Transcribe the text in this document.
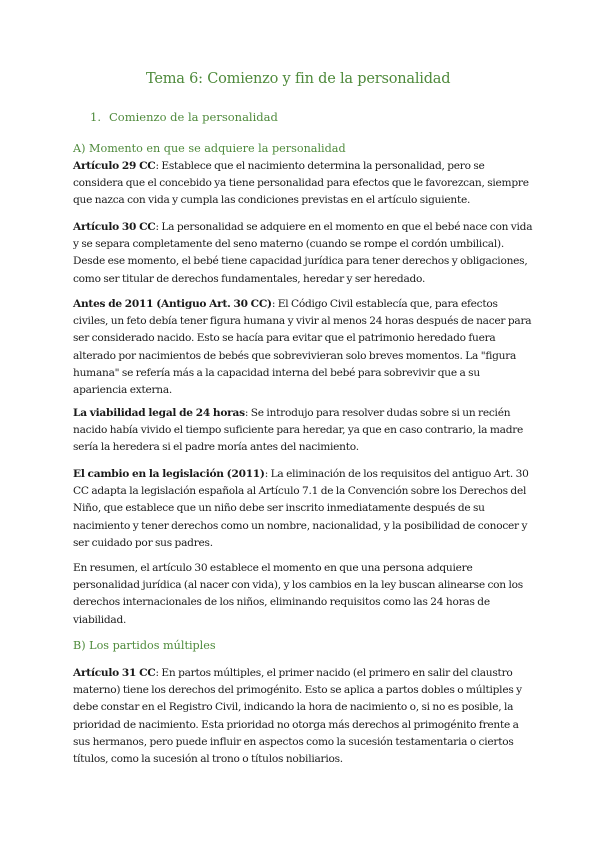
Tema 6: Comienzo y fin de la personalidad
1. Comienzo de la personalidad
A) Momento en que se adquiere la personalidad

Artículo 29 CC: Establece que el nacimiento determina la personalidad, pero se considera que el concebido ya tiene personalidad para efectos que le favorezcan, siempre que nazca con vida y cumpla las condiciones previstas en el artículo siguiente.

Artículo 30 CC: La personalidad se adquiere en el momento en que el bebé nace con vida y se separa completamente del seno materno (cuando se rompe el cordón umbilical). Desde ese momento, el bebé tiene capacidad jurídica para tener derechos y obligaciones, como ser titular de derechos fundamentales, heredar y ser heredado.

Antes de 2011 (Antiguo Art. 30 CC): El Código Civil establecía que, para efectos civiles, un feto debía tener figura humana y vivir al menos 24 horas después de nacer para ser considerado nacido. Esto se hacía para evitar que el patrimonio heredado fuera alterado por nacimientos de bebés que sobrevivieran solo breves momentos. La "figura humana" se refería más a la capacidad interna del bebé para sobrevivir que a su apariencia externa.

La viabilidad legal de 24 horas: Se introdujo para resolver dudas sobre si un recién nacido había vivido el tiempo suficiente para heredar, ya que en caso contrario, la madre sería la heredera si el padre moría antes del nacimiento.

El cambio en la legislación (2011): La eliminación de los requisitos del antiguo Art. 30 CC adapta la legislación española al Artículo 7.1 de la Convención sobre los Derechos del Niño, que establece que un niño debe ser inscrito inmediatamente después de su nacimiento y tener derechos como un nombre, nacionalidad, y la posibilidad de conocer y ser cuidado por sus padres.

En resumen, el artículo 30 establece el momento en que una persona adquiere personalidad jurídica (al nacer con vida), y los cambios en la ley buscan alinearse con los derechos internacionales de los niños, eliminando requisitos como las 24 horas de viabilidad.

B) Los partidos múltiples

Artículo 31 CC: En partos múltiples, el primer nacido (el primero en salir del claustro materno) tiene los derechos del primogénito. Esto se aplica a partos dobles o múltiples y debe constar en el Registro Civil, indicando la hora de nacimiento o, si no es posible, la prioridad de nacimiento. Esta prioridad no otorga más derechos al primogénito frente a sus hermanos, pero puede influir en aspectos como la sucesión testamentaria o ciertos títulos, como la sucesión al trono o títulos nobiliarios.
